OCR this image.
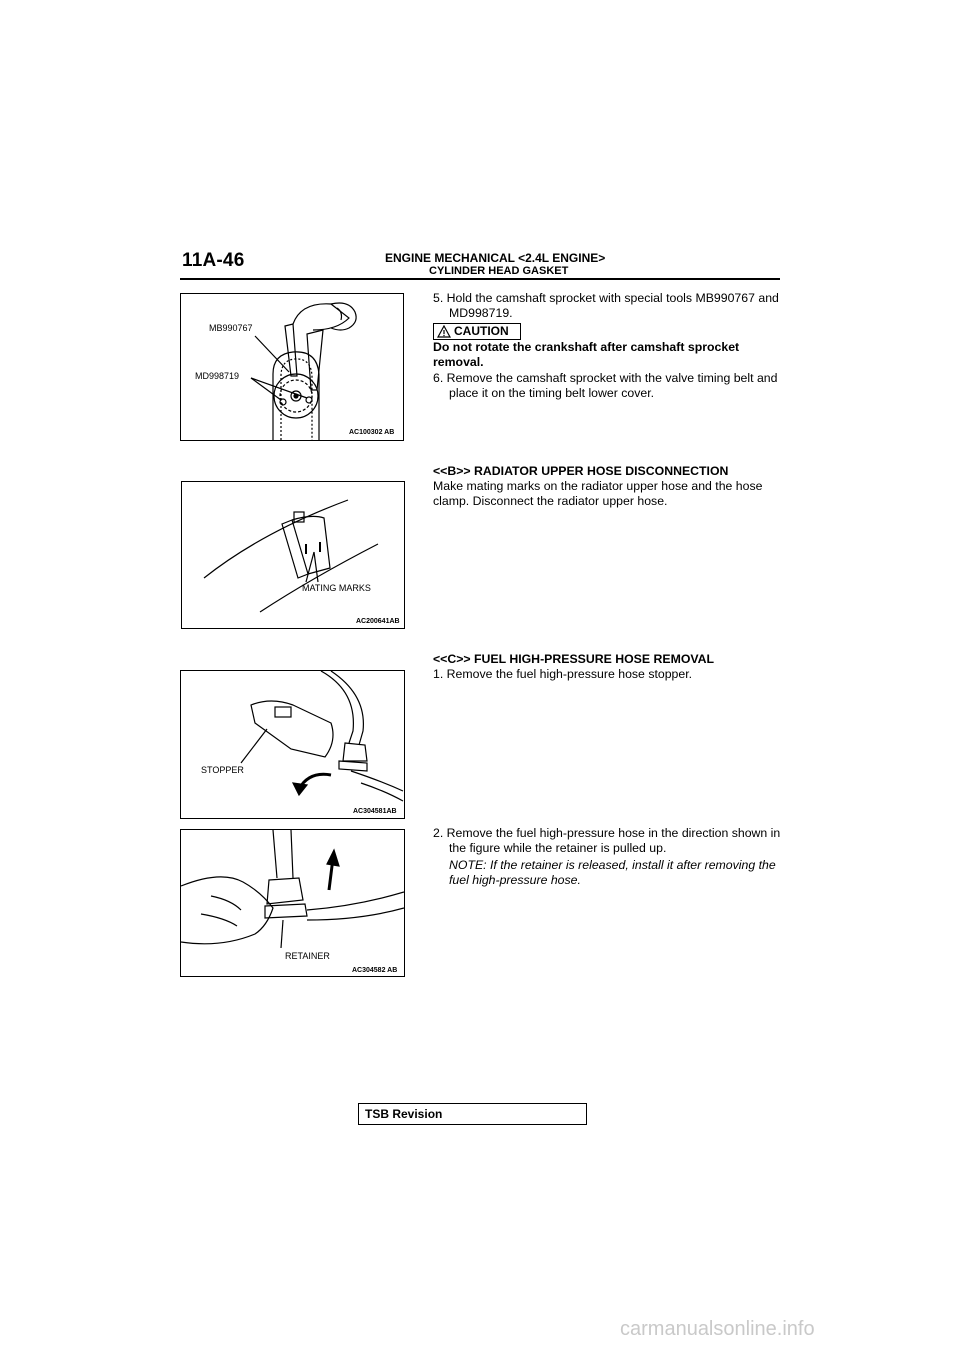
11A-46	ENGINE MECHANICAL <2.4L ENGINE>
CYLINDER HEAD GASKET
MB990767
MD998719
AC100302 AB
5. Hold the camshaft sprocket with special tools MB990767 and MD998719.
CAUTION
Do not rotate the crankshaft after camshaft sprocket removal.
6. Remove the camshaft sprocket with the valve timing belt and place it on the timing belt lower cover.
<<B>> RADIATOR UPPER HOSE DISCONNECTION
Make mating marks on the radiator upper hose and the hose clamp. Disconnect the radiator upper hose.
MATING MARKS
AC200641AB
<<C>> FUEL HIGH-PRESSURE HOSE REMOVAL
1. Remove the fuel high-pressure hose stopper.
STOPPER
AC304581AB
2. Remove the fuel high-pressure hose in the direction shown in the figure while the retainer is pulled up.
NOTE: If the retainer is released, install it after removing the fuel high-pressure hose.
RETAINER
AC304582 AB
TSB Revision
carmanualsonline.info
